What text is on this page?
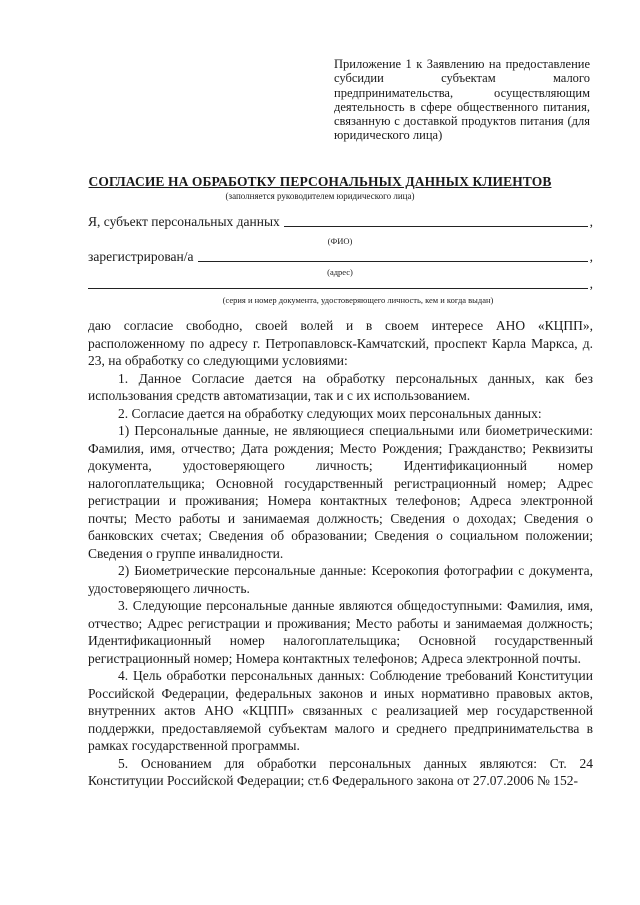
Приложение 1 к Заявлению на предоставление субсидии субъектам малого предпринимательства, осуществляющим деятельность в сфере общественного питания, связанную с доставкой продуктов питания (для юридического лица)
СОГЛАСИЕ НА ОБРАБОТКУ ПЕРСОНАЛЬНЫХ ДАННЫХ КЛИЕНТОВ
(заполняется руководителем юридического лица)
Я, субъект персональных данных	,
(ФИО)
зарегистрирован/а	,
(адрес)
,
(серия и номер документа, удостоверяющего личность, кем и когда выдан)

даю согласие свободно, своей волей и в своем интересе АНО «КЦПП», расположенному по адресу г. Петропавловск-Камчатский, проспект Карла Маркса, д. 23, на обработку со следующими условиями:

1. Данное Согласие дается на обработку персональных данных, как без использования средств автоматизации, так и с их использованием.

2. Согласие дается на обработку следующих моих персональных данных:

1) Персональные данные, не являющиеся специальными или биометрическими: Фамилия, имя, отчество; Дата рождения; Место Рождения; Гражданство; Реквизиты документа, удостоверяющего личность; Идентификационный номер налогоплательщика; Основной государственный регистрационный номер; Адрес регистрации и проживания; Номера контактных телефонов; Адреса электронной почты; Место работы и занимаемая должность; Сведения о доходах; Сведения о банковских счетах; Сведения об образовании; Сведения о социальном положении; Сведения о группе инвалидности.

2) Биометрические персональные данные: Ксерокопия фотографии с документа, удостоверяющего личность.

3. Следующие персональные данные являются общедоступными: Фамилия, имя, отчество; Адрес регистрации и проживания; Место работы и занимаемая должность; Идентификационный номер налогоплательщика; Основной государственный регистрационный номер; Номера контактных телефонов; Адреса электронной почты.

4. Цель обработки персональных данных: Соблюдение требований Конституции Российской Федерации, федеральных законов и иных нормативно правовых актов, внутренних актов АНО «КЦПП» связанных с реализацией мер государственной поддержки, предоставляемой субъектам малого и среднего предпринимательства в рамках государственной программы.

5. Основанием для обработки персональных данных являются: Ст. 24 Конституции Российской Федерации; ст.6 Федерального закона от 27.07.2006 № 152-
